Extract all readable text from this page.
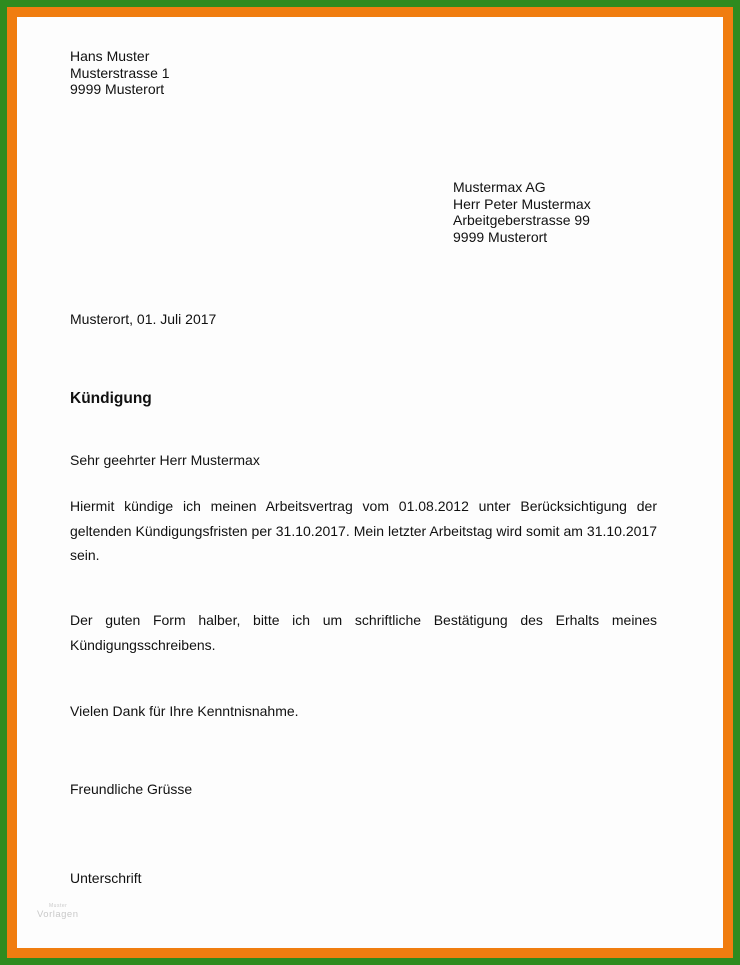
Hans Muster
Musterstrasse 1
9999 Musterort
Mustermax AG
Herr Peter Mustermax
Arbeitgeberstrasse 99
9999 Musterort
Musterort, 01. Juli 2017
Kündigung
Sehr geehrter Herr Mustermax
Hiermit kündige ich meinen Arbeitsvertrag vom 01.08.2012 unter Berücksichtigung der geltenden Kündigungsfristen per 31.10.2017. Mein letzter Arbeitstag wird somit am 31.10.2017 sein.
Der guten Form halber, bitte ich um schriftliche Bestätigung des Erhalts meines Kündigungsschreibens.
Vielen Dank für Ihre Kenntnisnahme.
Freundliche Grüsse
Unterschrift
Muster
Vorlagen
